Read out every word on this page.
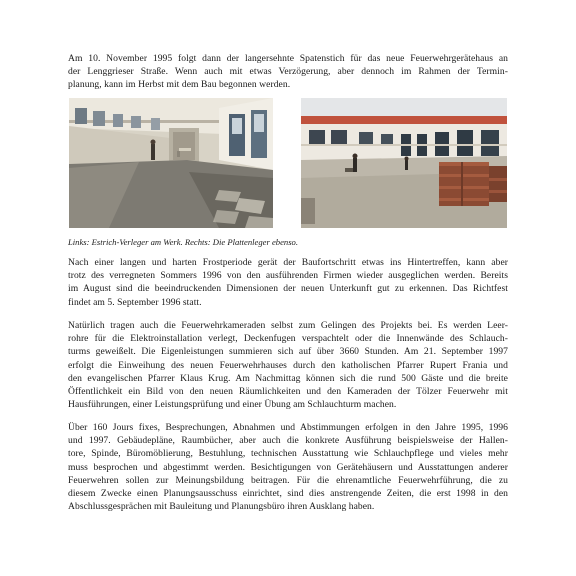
Am 10. November 1995 folgt dann der langersehnte Spatenstich für das neue Feuerwehrgerätehaus an
der Lenggrieser Straße. Wenn auch mit etwas Verzögerung, aber dennoch im Rahmen der Termin-
planung, kann im Herbst mit dem Bau begonnen werden.

Links: Estrich-Verleger am Werk. Rechts: Die Plattenleger ebenso.

Nach einer langen und harten Frostperiode gerät der Baufortschritt etwas ins Hintertreffen, kann aber
trotz des verregneten Sommers 1996 von den ausführenden Firmen wieder ausgeglichen werden. Bereits
im August sind die beeindruckenden Dimensionen der neuen Unterkunft gut zu erkennen. Das Richtfest
findet am 5. September 1996 statt.

Natürlich tragen auch die Feuerwehrkameraden selbst zum Gelingen des Projekts bei. Es werden Leer-
rohre für die Elektroinstallation verlegt, Deckenfugen verspachtelt oder die Innenwände des Schlauch-
turms geweißelt. Die Eigenleistungen summieren sich auf über 3660 Stunden. Am 21. September 1997
erfolgt die Einweihung des neuen Feuerwehrhauses durch den katholischen Pfarrer Rupert Frania und
den evangelischen Pfarrer Klaus Krug. Am Nachmittag können sich die rund 500 Gäste und die breite
Öffentlichkeit ein Bild von den neuen Räumlichkeiten und den Kameraden der Tölzer Feuerwehr mit
Hausführungen, einer Leistungsprüfung und einer Übung am Schlauchturm machen.

Über 160 Jours fixes, Besprechungen, Abnahmen und Abstimmungen erfolgen in den Jahre 1995, 1996
und 1997. Gebäudepläne, Raumbücher, aber auch die konkrete Ausführung beispielsweise der Hallen-
tore, Spinde, Büromöblierung, Bestuhlung, technischen Ausstattung wie Schlauchpflege und vieles mehr
muss besprochen und abgestimmt werden. Besichtigungen von Gerätehäusern und Ausstattungen anderer
Feuerwehren sollen zur Meinungsbildung beitragen. Für die ehrenamtliche Feuerwehrführung, die zu
diesem Zwecke einen Planungsausschuss einrichtet, sind dies anstrengende Zeiten, die erst 1998 in den
Abschlussgesprächen mit Bauleitung und Planungsbüro ihren Ausklang haben.
